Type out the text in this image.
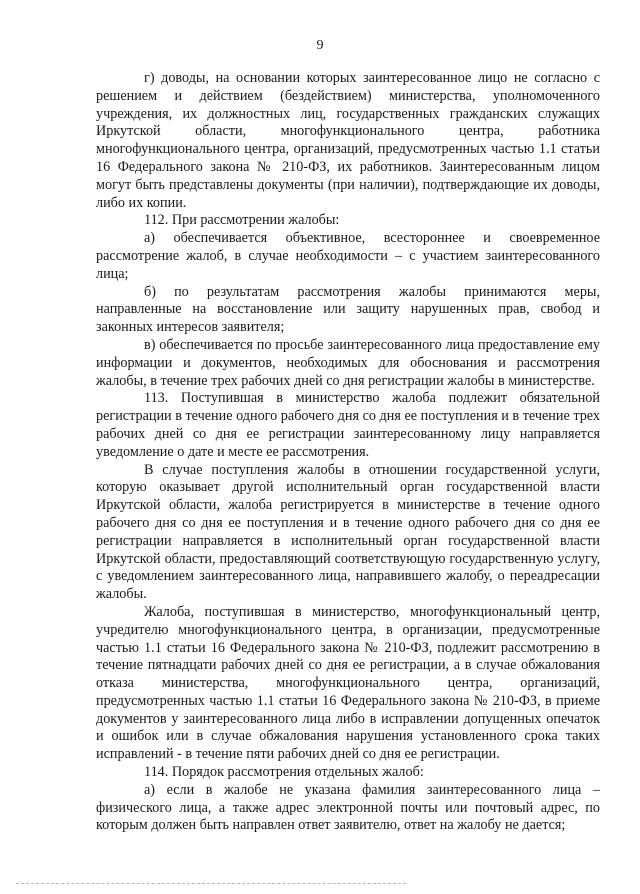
9

г) доводы, на основании которых заинтересованное лицо не согласно с решением и действием (бездействием) министерства, уполномоченного учреждения, их должностных лиц, государственных гражданских служащих Иркутской области, многофункционального центра, работника многофункционального центра, организаций, предусмотренных частью 1.1 статьи 16 Федерального закона № 210-ФЗ, их работников. Заинтересованным лицом могут быть представлены документы (при наличии), подтверждающие их доводы, либо их копии.

112. При рассмотрении жалобы:

а) обеспечивается объективное, всестороннее и своевременное рассмотрение жалоб, в случае необходимости – с участием заинтересованного лица;

б) по результатам рассмотрения жалобы принимаются меры, направленные на восстановление или защиту нарушенных прав, свобод и законных интересов заявителя;

в) обеспечивается по просьбе заинтересованного лица предоставление ему информации и документов, необходимых для обоснования и рассмотрения жалобы, в течение трех рабочих дней со дня регистрации жалобы в министерстве.

113. Поступившая в министерство жалоба подлежит обязательной регистрации в течение одного рабочего дня со дня ее поступления и в течение трех рабочих дней со дня ее регистрации заинтересованному лицу направляется уведомление о дате и месте ее рассмотрения.

В случае поступления жалобы в отношении государственной услуги, которую оказывает другой исполнительный орган государственной власти Иркутской области, жалоба регистрируется в министерстве в течение одного рабочего дня со дня ее поступления и в течение одного рабочего дня со дня ее регистрации направляется в исполнительный орган государственной власти Иркутской области, предоставляющий соответствующую государственную услугу, с уведомлением заинтересованного лица, направившего жалобу, о переадресации жалобы.

Жалоба, поступившая в министерство, многофункциональный центр, учредителю многофункционального центра, в организации, предусмотренные частью 1.1 статьи 16 Федерального закона № 210-ФЗ, подлежит рассмотрению в течение пятнадцати рабочих дней со дня ее регистрации, а в случае обжалования отказа министерства, многофункционального центра, организаций, предусмотренных частью 1.1 статьи 16 Федерального закона № 210-ФЗ, в приеме документов у заинтересованного лица либо в исправлении допущенных опечаток и ошибок или в случае обжалования нарушения установленного срока таких исправлений - в течение пяти рабочих дней со дня ее регистрации.

114. Порядок рассмотрения отдельных жалоб:

а) если в жалобе не указана фамилия заинтересованного лица – физического лица, а также адрес электронной почты или почтовый адрес, по которым должен быть направлен ответ заявителю, ответ на жалобу не дается;
